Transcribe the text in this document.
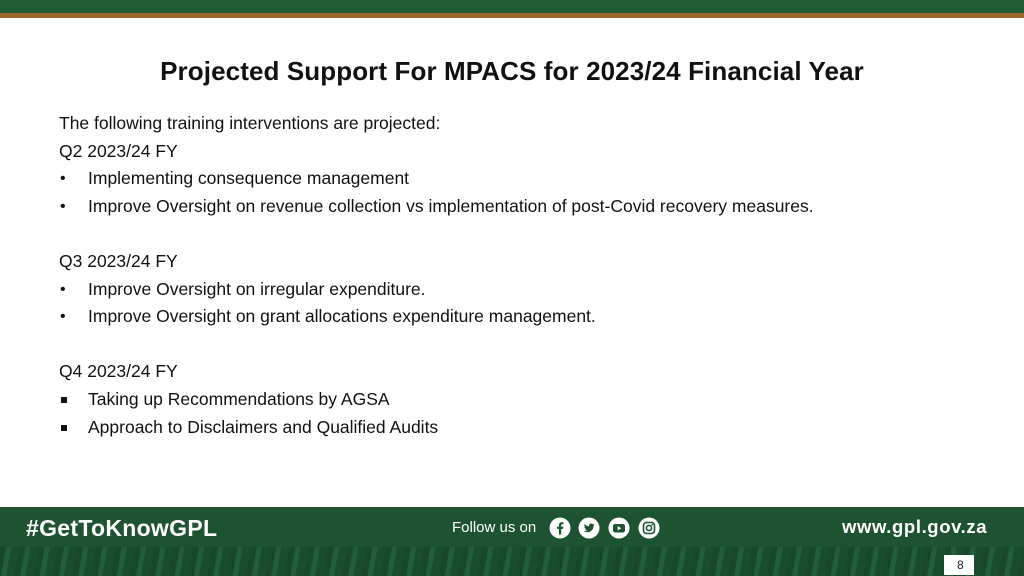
Projected Support For MPACS for 2023/24 Financial Year
The following training interventions are projected:
Q2 2023/24 FY
•	Implementing consequence management
•	Improve Oversight on revenue collection vs implementation of post-Covid recovery measures.
Q3 2023/24 FY
•	Improve Oversight on irregular expenditure.
•	Improve Oversight on grant allocations expenditure management.
Q4 2023/24 FY
Taking up Recommendations by AGSA
Approach to Disclaimers and Qualified Audits
#GetToKnowGPL	Follow us on	www.gpl.gov.za
8
